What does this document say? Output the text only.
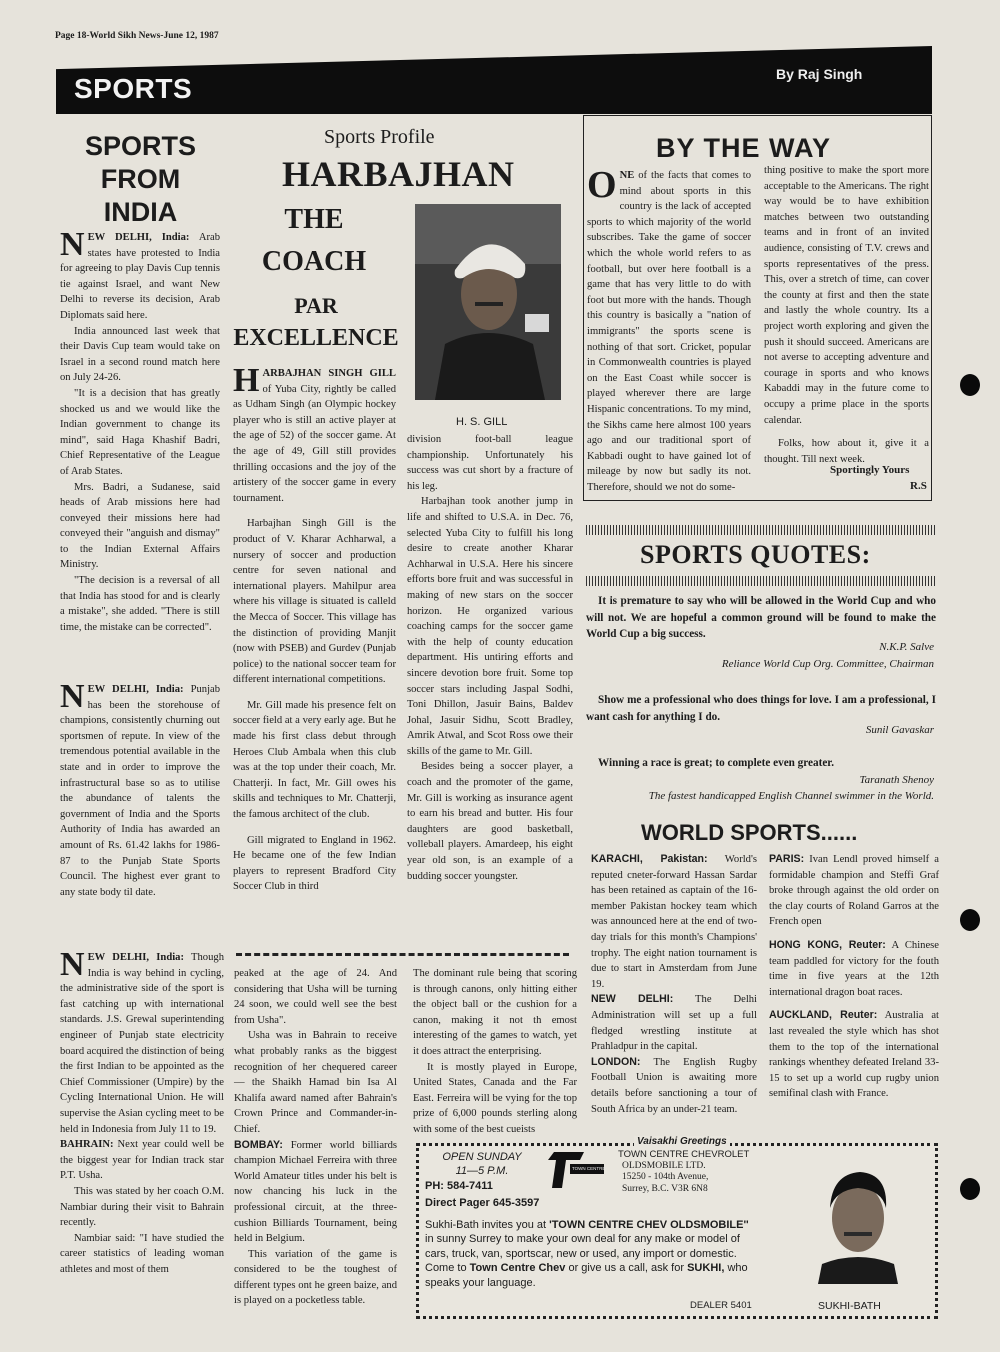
Page 18-World Sikh News-June 12, 1987
SPORTS	By Raj Singh
SPORTS
FROM
INDIA

NEW DELHI, India: Arab states have protested to India for agreeing to play Davis Cup tennis tie against Israel, and want New Delhi to reverse its decision, Arab Diplomats said here.

India announced last week that their Davis Cup team would take on Israel in a second round match here on July 24-26.

"It is a decision that has greatly shocked us and we would like the Indian government to change its mind", said Haga Khashif Badri, Chief Representative of the League of Arab States.

Mrs. Badri, a Sudanese, said heads of Arab missions here had conveyed their missions here had conveyed their "anguish and dismay" to the Indian External Affairs Ministry.

"The decision is a reversal of all that India has stood for and is clearly a mistake", she added. "There is still time, the mistake can be corrected".

NEW DELHI, India: Punjab has been the storehouse of champions, consistently churning out sportsmen of repute. In view of the tremendous potential available in the state and in order to improve the infrastructural base so as to utilise the abundance of talents the government of India and the Sports Authority of India has awarded an amount of Rs. 61.42 lakhs for 1986-87 to the Punjab State Sports Council. The highest ever grant to any state body til date.

NEW DELHI, India: Though India is way behind in cycling, the administrative side of the sport is fast catching up with international standards. J.S. Grewal superintending engineer of Punjab state electricity board acquired the distinction of being the first Indian to be appointed as the Chief Commissioner (Umpire) by the Cycling International Union. He will supervise the Asian cycling meet to be held in Indonesia from July 11 to 19.

BAHRAIN: Next year could well be the biggest year for Indian track star P.T. Usha.

This was stated by her coach O.M. Nambiar during their visit to Bahrain recently.

Nambiar said: "I have studied the career statistics of leading woman athletes and most of them

Sports Profile
HARBAJHAN
THE
COACH
PAR
EXCELLENCE
H. S. GILL

HARBAJHAN SINGH GILL of Yuba City, rightly be called as Udham Singh (an Olympic hockey player who is still an active player at the age of 52) of the soccer game. At the age of 49, Gill still provides thrilling occasions and the joy of the artistery of the soccer game in every tournament.

Harbajhan Singh Gill is the product of V. Kharar Achharwal, a nursery of soccer and production centre for seven national and international players. Mahilpur area where his village is situated is calleld the Mecca of Soccer. This village has the distinction of providing Manjit (now with PSEB) and Gurdev (Punjab police) to the national soccer team for different international competitions.

Mr. Gill made his presence felt on soccer field at a very early age. But he made his first class debut through Heroes Club Ambala when this club was at the top under their coach, Mr. Chatterji. In fact, Mr. Gill owes his skills and techniques to Mr. Chatterji, the famous architect of the club.

Gill migrated to England in 1962. He became one of the few Indian players to represent Bradford City Soccer Club in third

division foot-ball league championship. Unfortunately his success was cut short by a fracture of his leg.

Harbajhan took another jump in life and shifted to U.S.A. in Dec. 76, selected Yuba City to fulfill his long desire to create another Kharar Achharwal in U.S.A. Here his sincere efforts bore fruit and was successful in making of new stars on the soccer horizon. He organized various coaching camps for the soccer game with the help of county education department. His untiring efforts and sincere devotion bore fruit. Some top soccer stars including Jaspal Sodhi, Toni Dhillon, Jasuir Bains, Baldev Johal, Jasuir Sidhu, Scott Bradley, Amrik Atwal, and Scot Ross owe their skills of the game to Mr. Gill.

Besides being a soccer player, a coach and the promoter of the game, Mr. Gill is working as insurance agent to earn his bread and butter. His four daughters are good basketball, volleball players. Amardeep, his eight year old son, is an example of a budding soccer youngster.

peaked at the age of 24. And considering that Usha will be turning 24 soon, we could well see the best from Usha".

Usha was in Bahrain to receive what probably ranks as the biggest recognition of her chequered career — the Shaikh Hamad bin Isa Al Khalifa award named after Bahrain's Crown Prince and Commander-in-Chief.

BOMBAY: Former world billiards champion Michael Ferreira with three World Amateur titles under his belt is now chancing his luck in the professional circuit, at the three-cushion Billiards Tournament, being held in Belgium.

This variation of the game is considered to be the toughest of different types ont he green baize, and is played on a pocketless table.

The dominant rule being that scoring is through canons, only hitting either the object ball or the cushion for a canon, making it not th emost interesting of the games to watch, yet it does attract the enterprising.

It is mostly played in Europe, United States, Canada and the Far East. Ferreira will be vying for the top prize of 6,000 pounds sterling along with some of the best cueists

BY THE WAY

ONE of the facts that comes to mind about sports in this country is the lack of accepted sports to which majority of the world subscribes. Take the game of soccer which the whole world refers to as football, but over here football is a game that has very little to do with foot but more with the hands. Though this country is basically a "nation of immigrants" the sports scene is nothing of that sort. Cricket, popular in Commonwealth countries is played on the East Coast while soccer is played wherever there are large Hispanic concentrations. To my mind, the Sikhs came here almost 100 years ago and our traditional sport of Kabbadi ought to have gained lot of mileage by now but sadly its not. Therefore, should we not do some-

thing positive to make the sport more acceptable to the Americans. The right way would be to have exhibition matches between two outstanding teams and in front of an invited audience, consisting of T.V. crews and sports representatives of the press. This, over a stretch of time, can cover the county at first and then the state and lastly the whole country. Its a project worth exploring and given the push it should succeed. Americans are not averse to accepting adventure and courage in sports and who knows Kabaddi may in the future come to occupy a prime place in the sports calendar.

Folks, how about it, give it a thought. Till next week.

Sportingly Yours
R.S
SPORTS QUOTES:
It is premature to say who will be allowed in the World Cup and who will not. We are hopeful a common ground will be found to make the World Cup a big success.
N.K.P. Salve
Reliance World Cup Org. Committee, Chairman
Show me a professional who does things for love. I am a professional, I want cash for anything I do.
Sunil Gavaskar
Winning a race is great; to complete even greater.
Taranath Shenoy
The fastest handicapped English Channel swimmer in the World.
WORLD SPORTS......

KARACHI, Pakistan: World's reputed cneter-forward Hassan Sardar has been retained as captain of the 16-member Pakistan hockey team which was announced here at the end of two-day trials for this month's Champions' trophy. The eight nation tournament is due to start in Amsterdam from June 19.

NEW DELHI: The Delhi Administration will set up a full fledged wrestling institute at Prahladpur in the capital.

LONDON: The English Rugby Football Union is awaiting more details before sanctioning a tour of South Africa by an under-21 team.

PARIS: Ivan Lendl proved himself a formidable champion and Steffi Graf broke through against the old order on the clay courts of Roland Garros at the French open

HONG KONG, Reuter: A Chinese team paddled for victory for the fouth time in five years at the 12th international dragon boat races.

AUCKLAND, Reuter: Australia at last revealed the style which has shot them to the top of the international rankings whenthey defeated Ireland 33-15 to set up a world cup rugby union semifinal clash with France.

Vaisakhi Greetings
OPEN SUNDAY
11—5 P.M.	TOWN CENTRE
TOWN CENTRE CHEVROLET
OLDSMOBILE LTD.
15250 - 104th Avenue,
Surrey, B.C. V3R 6N8
PH: 584-7411
Direct Pager 645-3597
Sukhi-Bath invites you at 'TOWN CENTRE CHEV OLDSMOBILE'' in sunny Surrey to make your own deal for any make or model of cars, truck, van, sportscar, new or used, any import or domestic. Come to Town Centre Chev or give us a call, ask for SUKHI, who speaks your language.
DEALER 5401	SUKHI-BATH
